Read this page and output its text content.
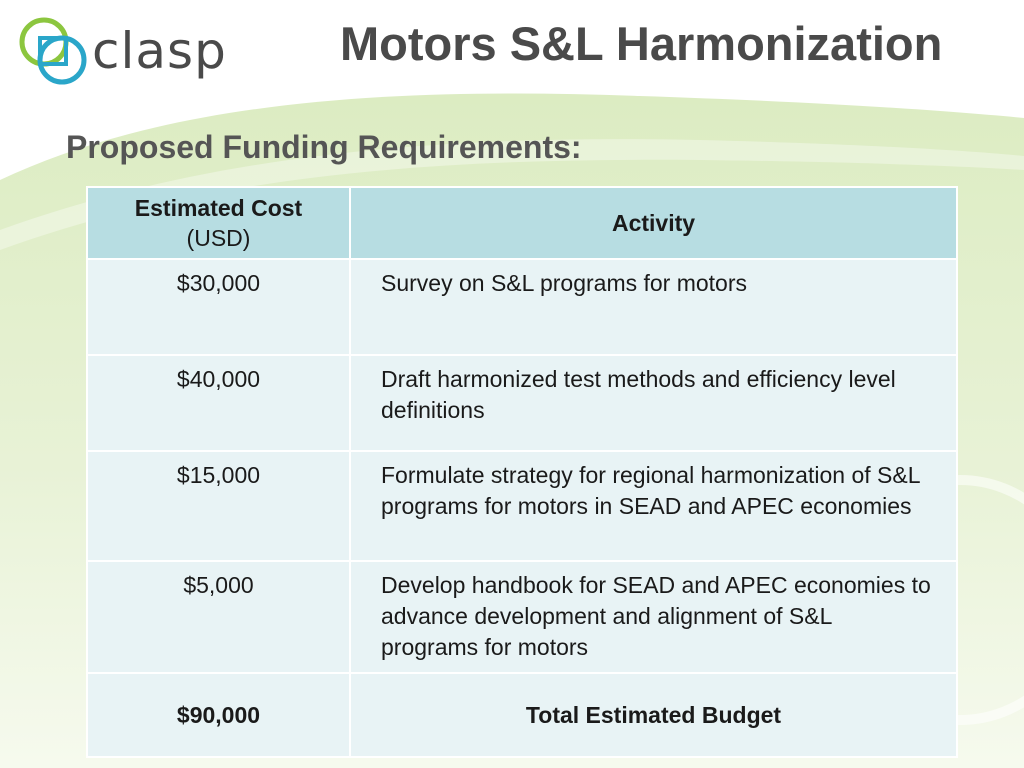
clasp Motors S&L Harmonization
Proposed Funding Requirements:
Estimated Cost
(USD)	Activity
$30,000	Survey on S&L programs for motors
$40,000	Draft harmonized test methods and efficiency level definitions
$15,000	Formulate strategy for regional harmonization of S&L programs for motors in SEAD and APEC economies
$5,000	Develop handbook for SEAD and APEC economies to advance development and alignment of S&L programs for motors
$90,000	Total Estimated Budget
